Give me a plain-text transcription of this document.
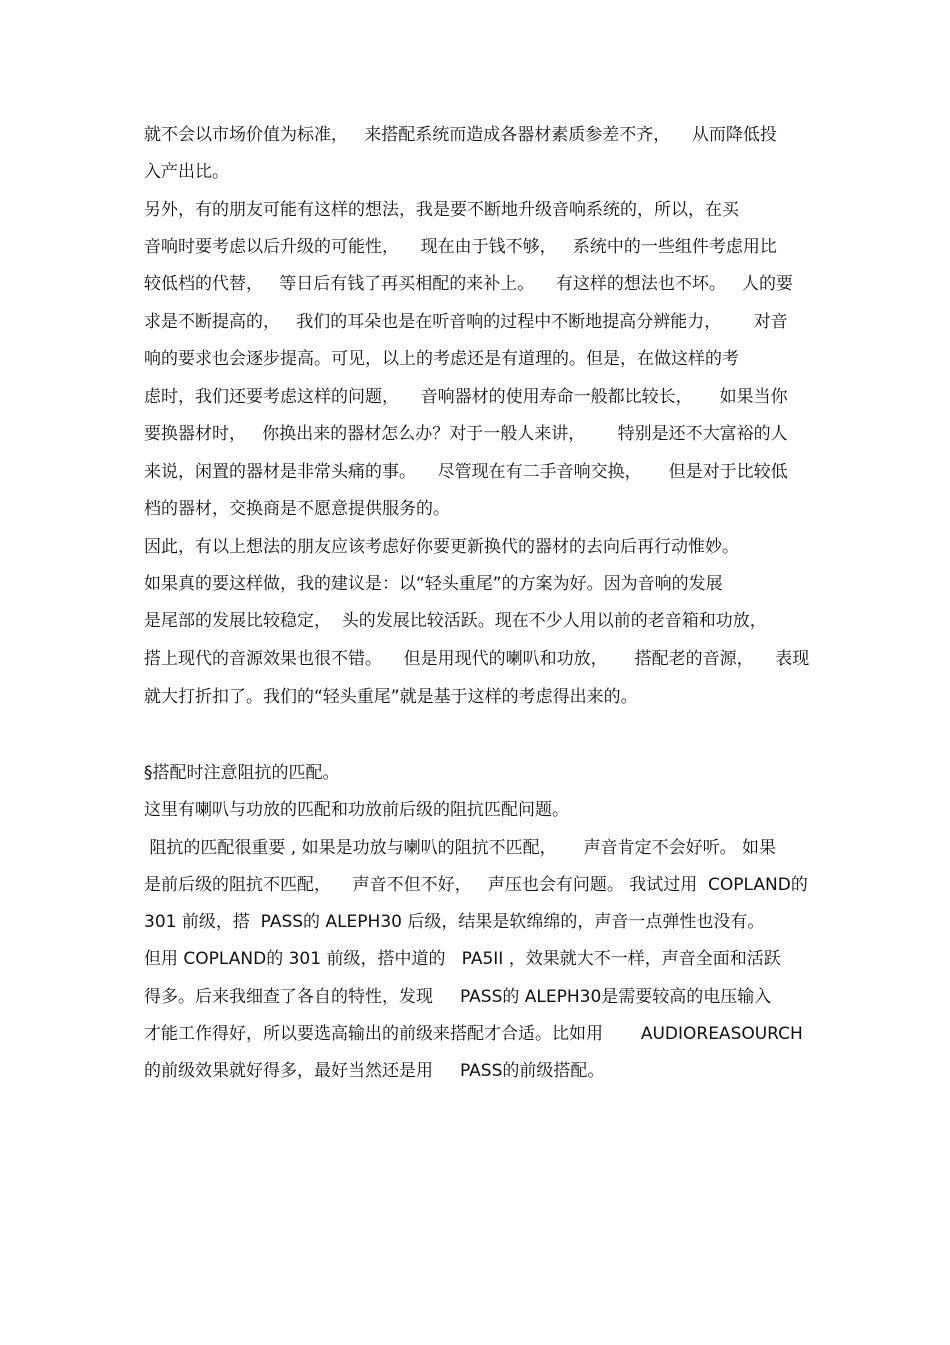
就不会以市场价值为标准，   来搭配系统而造成各器材素质参差不齐，    从而降低投

入产出比。

另外，有的朋友可能有这样的想法，我是要不断地升级音响系统的，所以，在买

音响时要考虑以后升级的可能性，    现在由于钱不够，   系统中的一些组件考虑用比

较低档的代替，   等日后有钱了再买相配的来补上。    有这样的想法也不坏。   人的要

求是不断提高的，   我们的耳朵也是在听音响的过程中不断地提高分辨能力，      对音

响的要求也会逐步提高。可见，以上的考虑还是有道理的。但是，在做这样的考

虑时，我们还要考虑这样的问题，    音响器材的使用寿命一般都比较长，     如果当你

要换器材时，   你换出来的器材怎么办？对于一般人来讲，      特别是还不大富裕的人

来说，闲置的器材是非常头痛的事。    尽管现在有二手音响交换，     但是对于比较低

档的器材，交换商是不愿意提供服务的。

因此，有以上想法的朋友应该考虑好你要更新换代的器材的去向后再行动惟妙。

如果真的要这样做，我的建议是：以“轻头重尾”的方案为好。因为音响的发展

是尾部的发展比较稳定，  头的发展比较活跃。现在不少人用以前的老音箱和功放，

搭上现代的音源效果也很不错。    但是用现代的喇叭和功放，     搭配老的音源，    表现

就大打折扣了。我们的“轻头重尾”就是基于这样的考虑得出来的。

§搭配时注意阻抗的匹配。

这里有喇叭与功放的匹配和功放前后级的阻抗匹配问题。

阻抗的匹配很重要 , 如果是功放与喇叭的阻抗不匹配，     声音肯定不会好听。 如果

是前后级的阻抗不匹配，    声音不但不好，   声压也会有问题。 我试过用  COPLAND的

301 前级，搭  PASS的 ALEPH30 后级，结果是软绵绵的，声音一点弹性也没有。

但用 COPLAND的 301 前级，搭中道的   PA5II ，效果就大不一样，声音全面和活跃

得多。后来我细查了各自的特性，发现     PASS的 ALEPH30是需要较高的电压输入

才能工作得好，所以要选高输出的前级来搭配才合适。比如用       AUDIOREASOURCH

的前级效果就好得多，最好当然还是用     PASS的前级搭配。
